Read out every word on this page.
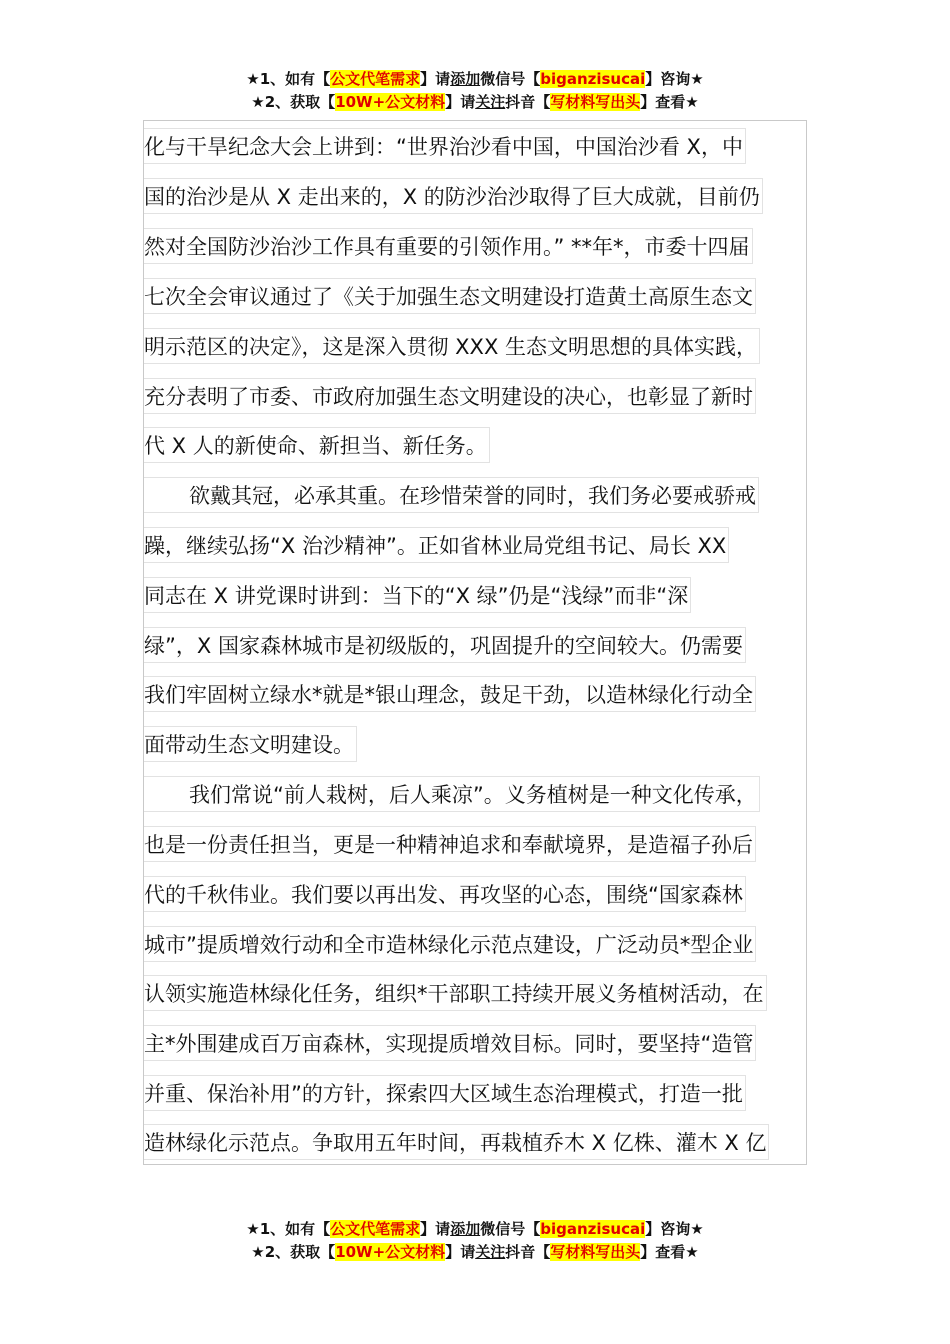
★1、如有【公文代笔需求】请添加微信号【biganzisucai】咨询★
★2、获取【10W+公文材料】请关注抖音【写材料写出头】查看★
化与干旱纪念大会上讲到：“世界治沙看中国，中国治沙看 X，中
国的治沙是从 X 走出来的，X 的防沙治沙取得了巨大成就，目前仍
然对全国防沙治沙工作具有重要的引领作用。” **年*，市委十四届
七次全会审议通过了《关于加强生态文明建设打造黄土高原生态文
明示范区的决定》，这是深入贯彻 XXX 生态文明思想的具体实践，
充分表明了市委、市政府加强生态文明建设的决心，也彰显了新时
代 X 人的新使命、新担当、新任务。
欲戴其冠，必承其重。在珍惜荣誉的同时，我们务必要戒骄戒
躁，继续弘扬“X 治沙精神”。正如省林业局党组书记、局长 XX
同志在 X 讲党课时讲到：当下的“X 绿”仍是“浅绿”而非“深
绿”，X 国家森林城市是初级版的，巩固提升的空间较大。仍需要
我们牢固树立绿水*就是*银山理念，鼓足干劲，以造林绿化行动全
面带动生态文明建设。
我们常说“前人栽树，后人乘凉”。义务植树是一种文化传承，
也是一份责任担当，更是一种精神追求和奉献境界，是造福子孙后
代的千秋伟业。我们要以再出发、再攻坚的心态，围绕“国家森林
城市”提质增效行动和全市造林绿化示范点建设，广泛动员*型企业
认领实施造林绿化任务，组织*干部职工持续开展义务植树活动，在
主*外围建成百万亩森林，实现提质增效目标。同时，要坚持“造管
并重、保治补用”的方针，探索四大区域生态治理模式，打造一批
造林绿化示范点。争取用五年时间，再栽植乔木 X 亿株、灌木 X 亿
★1、如有【公文代笔需求】请添加微信号【biganzisucai】咨询★
★2、获取【10W+公文材料】请关注抖音【写材料写出头】查看★
